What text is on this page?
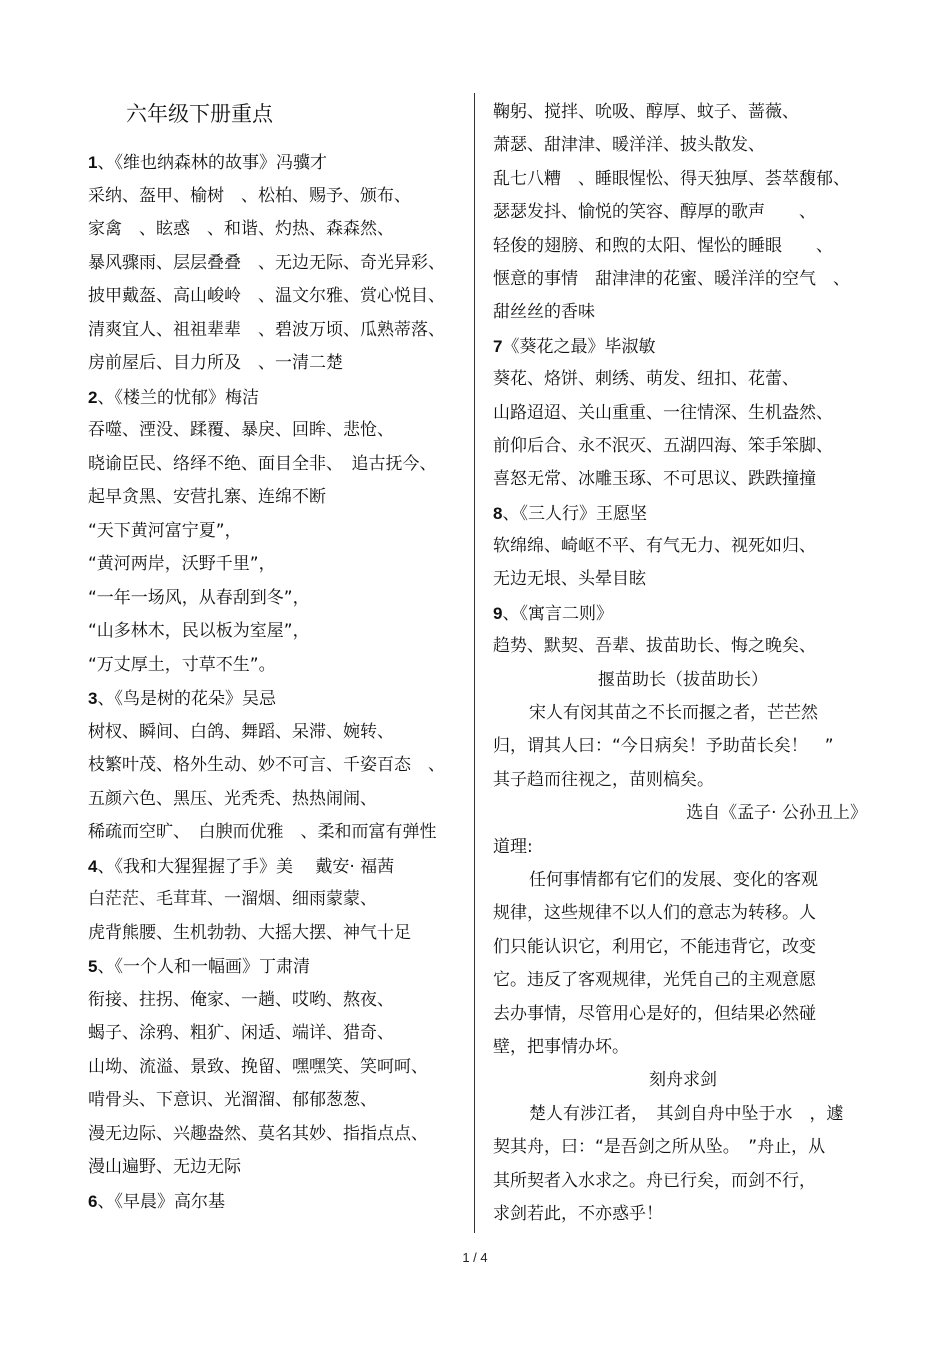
六年级下册重点
1、《维也纳森林的故事》冯骥才
采纳、盔甲、榆树　、松柏、赐予、颁布、
家禽　、眩惑　、和谐、灼热、森森然、
暴风骤雨、层层叠叠　、无边无际、奇光异彩、
披甲戴盔、高山峻岭　、温文尔雅、赏心悦目、
清爽宜人、祖祖辈辈　、碧波万顷、瓜熟蒂落、
房前屋后、目力所及　、一清二楚
2、《楼兰的忧郁》梅洁
吞噬、湮没、蹂覆、暴戾、回眸、悲怆、
晓谕臣民、络绎不绝、面目全非、　追古抚今、
起早贪黑、安营扎寨、连绵不断
“天下黄河富宁夏”，
“黄河两岸，沃野千里”，
“一年一场风，从春刮到冬”，
“山多林木，民以板为室屋”，
“万丈厚土，寸草不生”。
3、《鸟是树的花朵》吴忌
树杈、瞬间、白鸽、舞蹈、呆滞、婉转、
枝繁叶茂、格外生动、妙不可言、千姿百态　、
五颜六色、黑压、光秃秃、热热闹闹、
稀疏而空旷、　白腴而优雅　、柔和而富有弹性
4、《我和大猩猩握了手》美　 戴安· 福茜
白茫茫、毛茸茸、一溜烟、细雨蒙蒙、
虎背熊腰、生机勃勃、大摇大摆、神气十足
5、《一个人和一幅画》丁肃清
衔接、拄拐、俺家、一趟、哎哟、熬夜、
蝎子、涂鸦、粗犷、闲适、端详、猎奇、
山坳、流溢、景致、挽留、嘿嘿笑、笑呵呵、
啃骨头、下意识、光溜溜、郁郁葱葱、
漫无边际、兴趣盎然、莫名其妙、指指点点、
漫山遍野、无边无际
6、《早晨》高尔基
鞠躬、搅拌、吮吸、醇厚、蚊子、蔷薇、
萧瑟、甜津津、暖洋洋、披头散发、
乱七八糟　、睡眼惺忪、得天独厚、荟萃馥郁、
瑟瑟发抖、愉悦的笑容、醇厚的歌声　　、
轻俊的翅膀、和煦的太阳、惺忪的睡眼　　、
惬意的事情　甜津津的花蜜、暖洋洋的空气　、
甜丝丝的香味
7《葵花之最》毕淑敏
葵花、烙饼、刺绣、萌发、纽扣、花蕾、
山路迢迢、关山重重、一往情深、生机盎然、
前仰后合、永不泯灭、五湖四海、笨手笨脚、
喜怒无常、冰雕玉琢、不可思议、跌跌撞撞
8、《三人行》王愿坚
软绵绵、崎岖不平、有气无力、视死如归、
无边无垠、头晕目眩
9、《寓言二则》
趋势、默契、吾辈、拔苗助长、悔之晚矣、
揠苗助长（拔苗助长）
宋人有闵其苗之不长而揠之者，芒芒然
归，谓其人曰：“今日病矣！予助苗长矣！　”
其子趋而往视之，苗则槁矣。
选自《孟子· 公孙丑上》
道理:
任何事情都有它们的发展、变化的客观
规律，这些规律不以人们的意志为转移。人
们只能认识它，利用它，不能违背它，改变
它。违反了客观规律，光凭自己的主观意愿
去办事情，尽管用心是好的，但结果必然碰
壁，把事情办坏。
刻舟求剑
楚人有涉江者，　其剑自舟中坠于水　，遽
契其舟，曰：“是吾剑之所从坠。　”舟止，从
其所契者入水求之。舟已行矣，而剑不行，
求剑若此，不亦惑乎！
1 / 4
